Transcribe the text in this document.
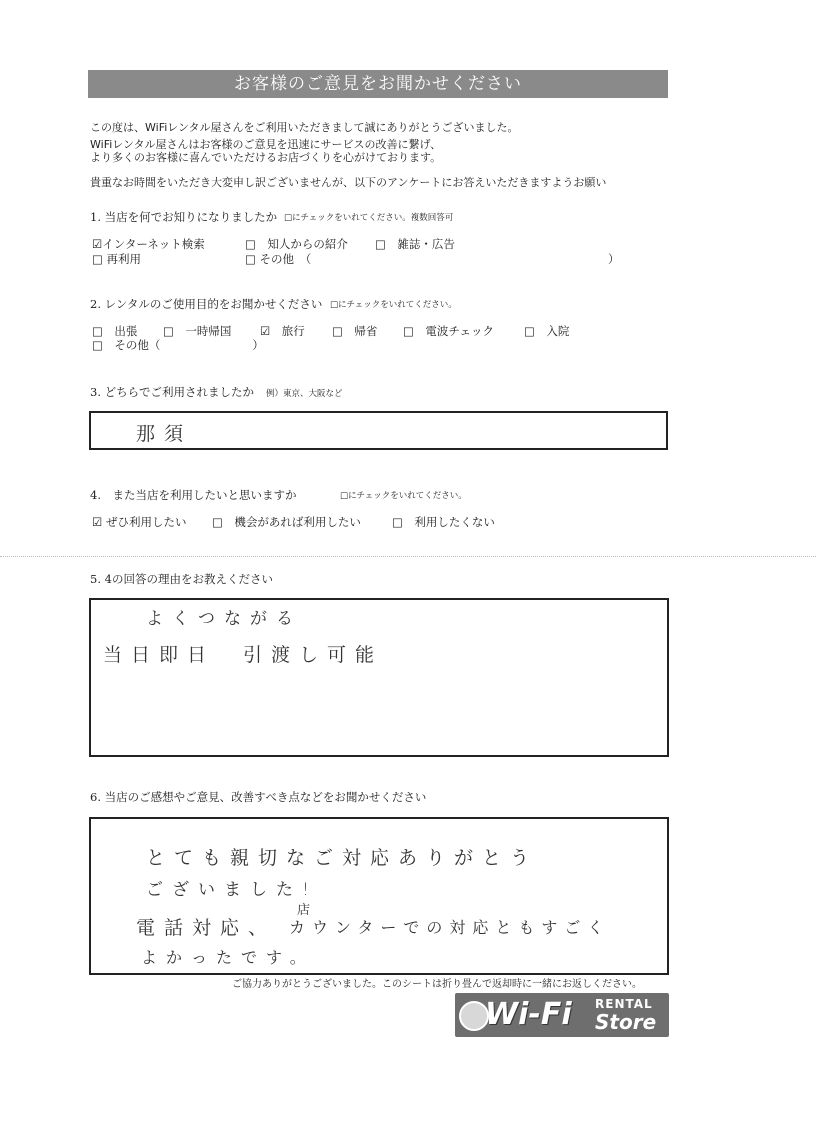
お客様のご意見をお聞かせください
この度は、WiFiレンタル屋さんをご利用いただきまして誠にありがとうございました。
WiFiレンタル屋さんはお客様のご意見を迅速にサービスの改善に繋げ、
より多くのお客様に喜んでいただけるお店づくりを心がけております。
貴重なお時間をいただき大変申し訳ございませんが、以下のアンケートにお答えいただきますようお願い
1. 当店を何でお知りになりましたか □にチェックをいれてください。複数回答可
☑インターネット検索	□　知人からの紹介 □　雑誌・広告
□ 再利用	□ その他　（	）
2. レンタルのご使用目的をお聞かせください □にチェックをいれてください。
□　出張 □　一時帰国 ☑　旅行 □　帰省 □　電波チェック	□　入院
□　その他（　　　　　　　　）
3. どちらでご利用されましたか 例）東京、大阪など
那須
4.　また当店を利用したいと思いますか	□にチェックをいれてください。
☑ ぜひ利用したい □　機会があれば利用したい	□　利用したくない
5. 4の回答の理由をお教えください
よくつながる
当日即日　引渡し可能
6. 当店のご感想やご意見、改善すべき点などをお聞かせください
とても親切なご対応ありがとう
ございました!
店
電話対応、 カウンターでの対応ともすごく
よかったです。
ご協力ありがとうございました。このシートは折り畳んで返却時に一緒にお返しください。
Wi-Fi RENTAL
Store
